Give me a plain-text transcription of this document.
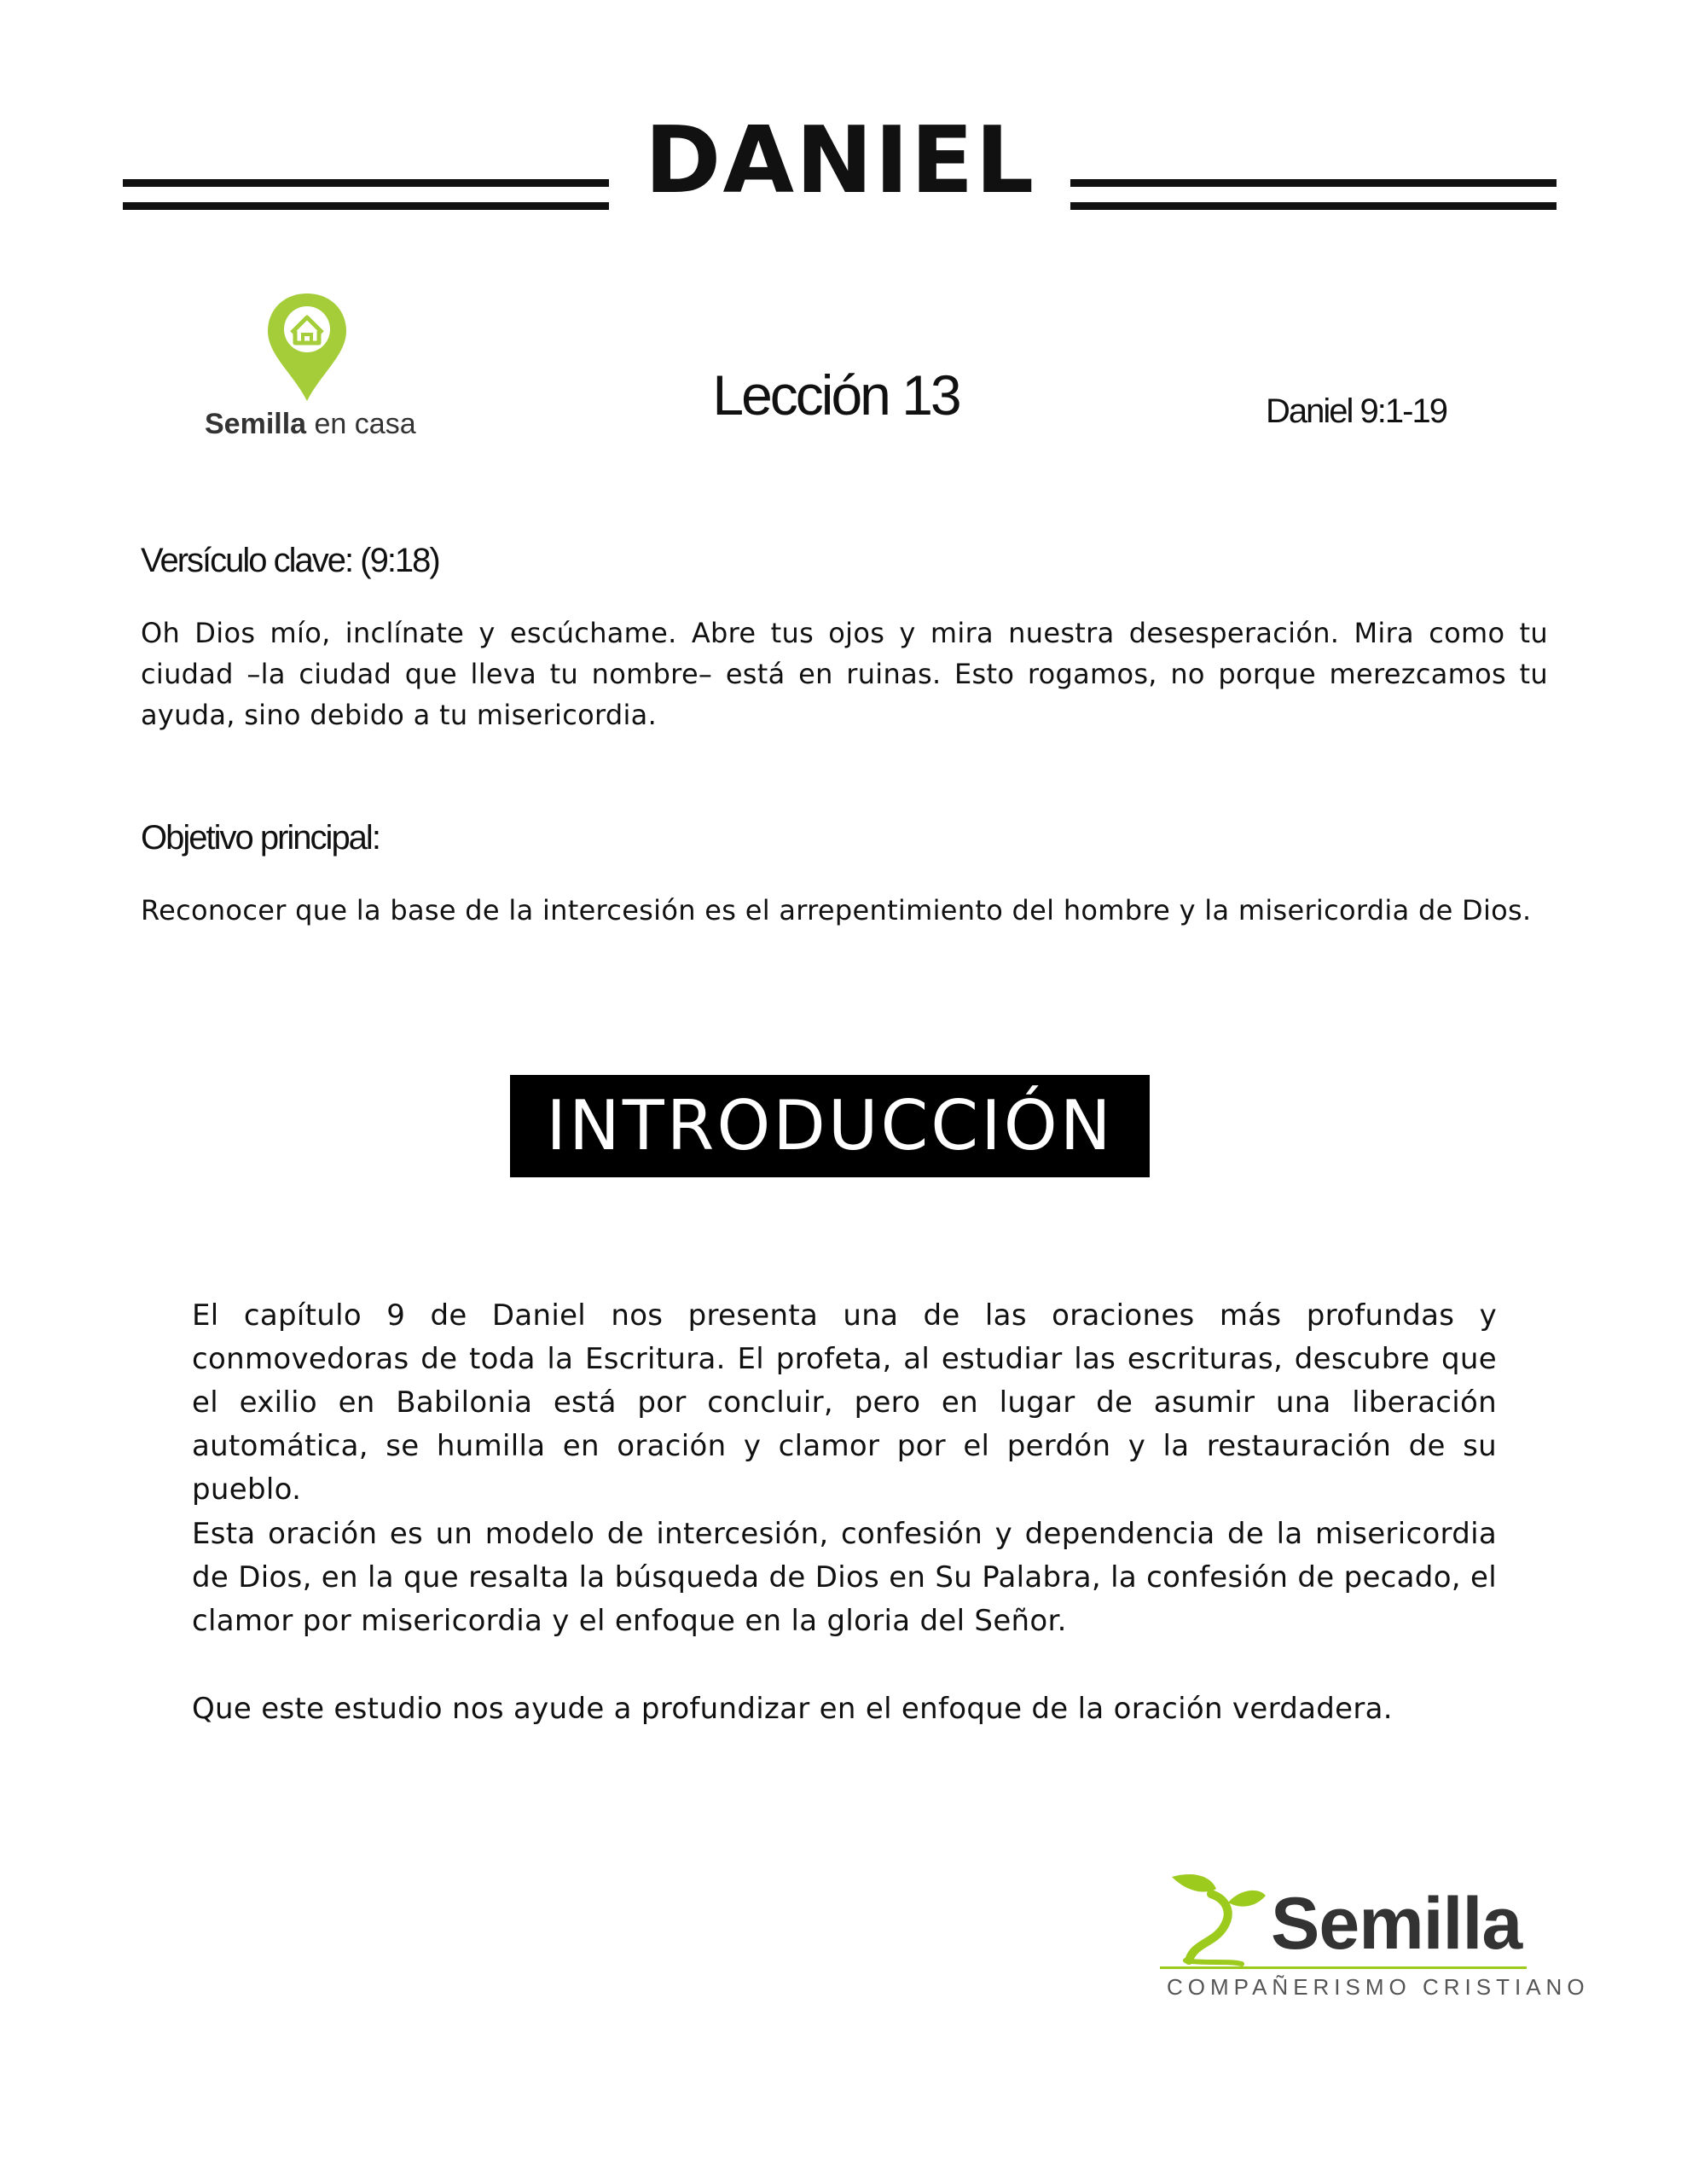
DANIEL
Semilla en casa	Lección 13	Daniel 9:1-19
Versículo clave: (9:18)
Oh Dios mío, inclínate y escúchame. Abre tus ojos y mira nuestra desesperación. Mira como tu ciudad –la ciudad que lleva tu nombre– está en ruinas. Esto rogamos, no porque merezcamos tu ayuda, sino debido a tu misericordia.
Objetivo principal:
Reconocer que la base de la intercesión es el arrepentimiento del hombre y la misericordia de Dios.
INTRODUCCIÓN
El capítulo 9 de Daniel nos presenta una de las oraciones más profundas y conmovedoras de toda la Escritura. El profeta, al estudiar las escrituras, descubre que el exilio en Babilonia está por concluir, pero en lugar de asumir una liberación automática, se humilla en oración y clamor por el perdón y la restauración de su pueblo.
Esta oración es un modelo de intercesión, confesión y dependencia de la misericordia de Dios, en la que resalta la búsqueda de Dios en Su Palabra, la confesión de pecado, el clamor por misericordia y el enfoque en la gloria del Señor.
Que este estudio nos ayude a profundizar en el enfoque de la oración verdadera.
Semilla
COMPAÑERISMO CRISTIANO
